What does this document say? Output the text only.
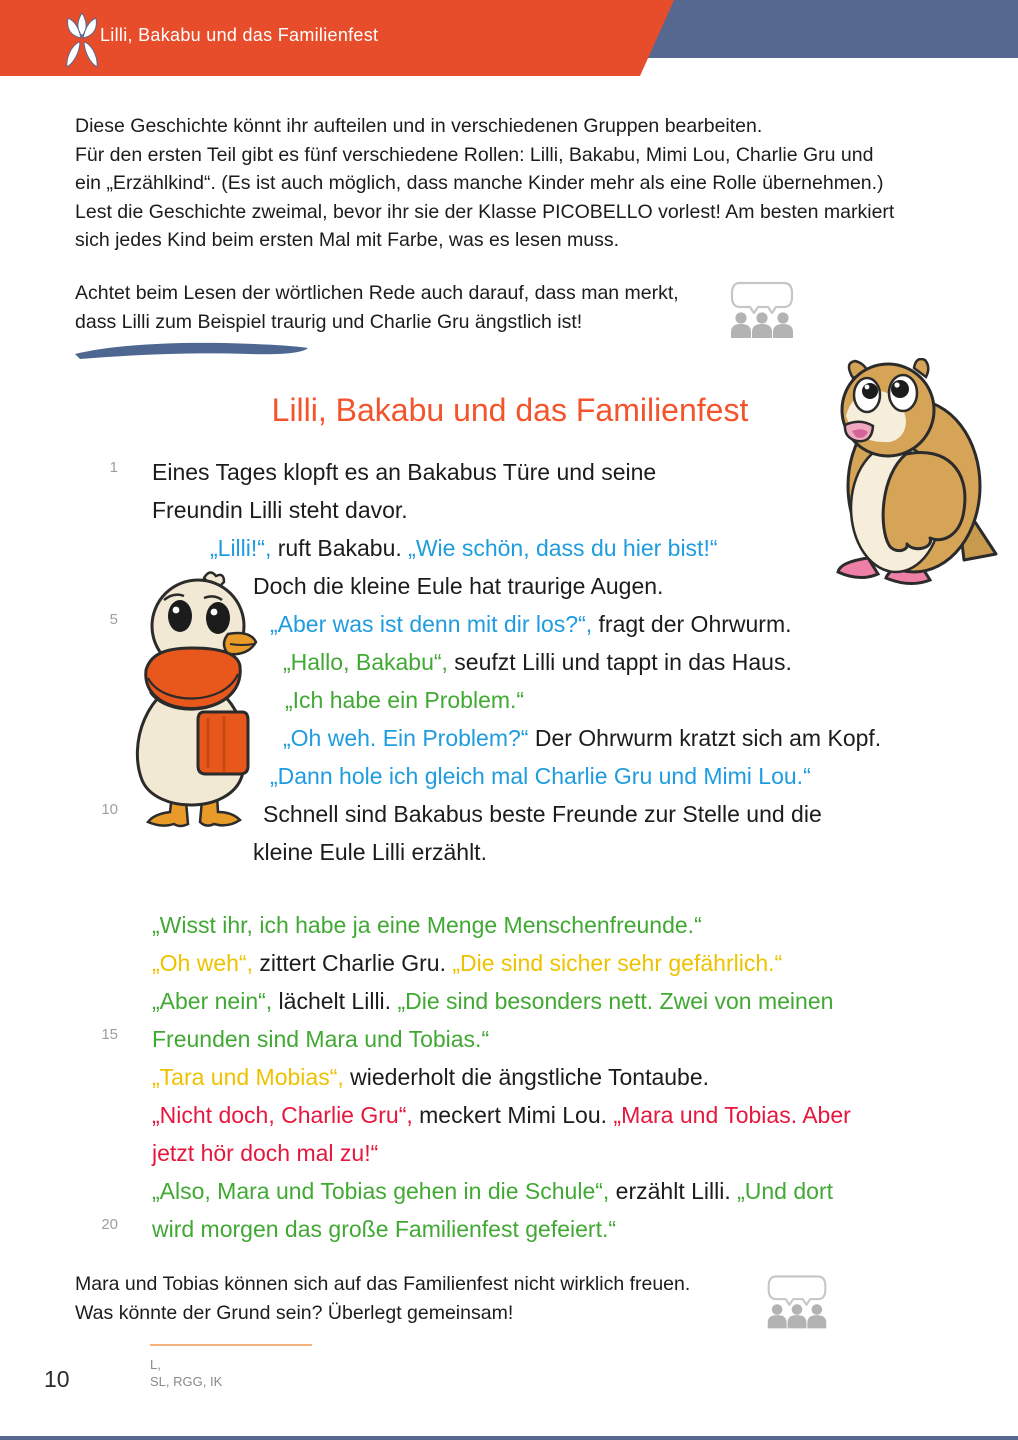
Lilli, Bakabu und das Familienfest
Diese Geschichte könnt ihr aufteilen und in verschiedenen Gruppen bearbeiten.
Für den ersten Teil gibt es fünf verschiedene Rollen: Lilli, Bakabu, Mimi Lou, Charlie Gru und
ein „Erzählkind“. (Es ist auch möglich, dass manche Kinder mehr als eine Rolle übernehmen.)
Lest die Geschichte zweimal, bevor ihr sie der Klasse PICOBELLO vorlest! Am besten markiert
sich jedes Kind beim ersten Mal mit Farbe, was es lesen muss.
Achtet beim Lesen der wörtlichen Rede auch darauf, dass man merkt,
dass Lilli zum Beispiel traurig und Charlie Gru ängstlich ist!
Lilli, Bakabu und das Familienfest
1
5
10
15
20
Eines Tages klopft es an Bakabus Türe und seine
Freundin Lilli steht davor.
„Lilli!“, ruft Bakabu. „Wie schön, dass du hier bist!“
Doch die kleine Eule hat traurige Augen.
„Aber was ist denn mit dir los?“, fragt der Ohrwurm.
„Hallo, Bakabu“, seufzt Lilli und tappt in das Haus.
„Ich habe ein Problem.“
„Oh weh. Ein Problem?“ Der Ohrwurm kratzt sich am Kopf.
„Dann hole ich gleich mal Charlie Gru und Mimi Lou.“
Schnell sind Bakabus beste Freunde zur Stelle und die
kleine Eule Lilli erzählt.
„Wisst ihr, ich habe ja eine Menge Menschenfreunde.“
„Oh weh“, zittert Charlie Gru. „Die sind sicher sehr gefährlich.“
„Aber nein“, lächelt Lilli. „Die sind besonders nett. Zwei von meinen
Freunden sind Mara und Tobias.“
„Tara und Mobias“, wiederholt die ängstliche Tontaube.
„Nicht doch, Charlie Gru“, meckert Mimi Lou. „Mara und Tobias. Aber
jetzt hör doch mal zu!“
„Also, Mara und Tobias gehen in die Schule“, erzählt Lilli. „Und dort
wird morgen das große Familienfest gefeiert.“
Mara und Tobias können sich auf das Familienfest nicht wirklich freuen.
Was könnte der Grund sein? Überlegt gemeinsam!
L,
SL, RGG, IK
10
